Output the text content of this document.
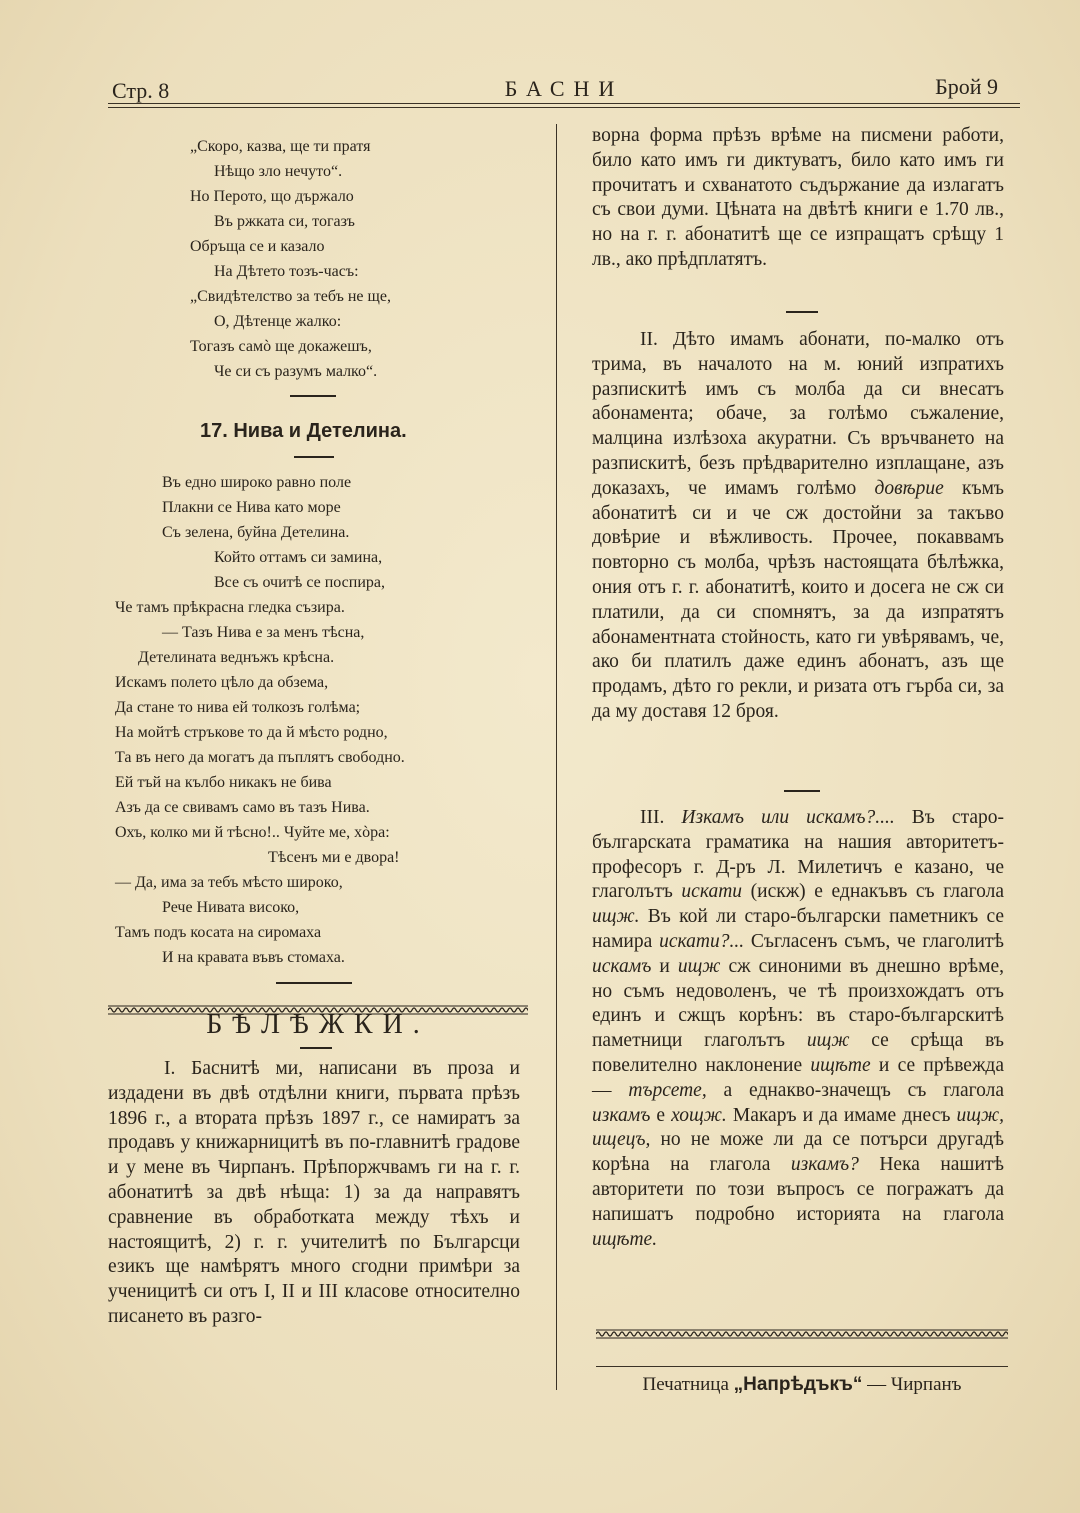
Стр. 8	БАСНИ	Брой 9
„Скоро, казва, ще ти пратя
Нѣщо зло нечуто“.
Но Перото, що държало
Въ ржката си, тогазъ
Обръща се и казало
На Дѣтето тозъ-часъ:
„Свидѣтелство за тебъ не ще,
О, Дѣтенце жалко:
Тогазъ самò ще докажешъ,
Че си съ разумъ малко“.
17. Нива и Детелина.
Въ едно широко равно поле
Плакни се Нива като море
Съ зелена, буйна Детелина.
Който оттамъ си замина,
Все съ очитѣ се поспира,
Че тамъ прѣкрасна гледка съзира.
— Тазъ Нива е за менъ тѣсна,
Детелината веднъжъ крѣсна.
Искамъ полето цѣло да обзема,
Да стане то нива ей толкозъ голѣма;
На мойтѣ стръкове то да й мѣсто родно,
Та въ него да могатъ да пъплятъ свободно.
Ей тъй на кълбо никакъ не бива
Азъ да се свивамъ само въ тазъ Нива.
Охъ, колко ми й тѣсно!.. Чуйте ме, хòра:
Тѣсенъ ми е двора!
— Да, има за тебъ мѣсто широко,
Рече Нивата високо,
Тамъ подъ косата на сиромаха
И на кравата въвъ стомаха.
БѢЛѢЖКИ.

I. Баснитѣ ми, написани въ проза и издадени въ двѣ отдѣлни книги, първата прѣзъ 1896 г., а втората прѣзъ 1897 г., се намиратъ за продавъ у книжарницитѣ въ по-главнитѣ градове и у мене въ Чирпанъ. Прѣпоржчвамъ ги на г. г. абонатитѣ за двѣ нѣща: 1) за да направятъ сравнение въ обработката между тѣхъ и настоящитѣ, 2) г. г. учителитѣ по Българсци езикъ ще намѣрятъ много сгодни примѣри за ученицитѣ си отъ I, II и III класове относително писането въ разго-

ворна форма прѣзъ врѣме на писмени работи, било като имъ ги диктуватъ, било като имъ ги прочитатъ и схванатото съдържание да излагатъ съ свои думи. Цѣната на двѣтѣ книги е 1.70 лв., но на г. г. абонатитѣ ще се изпращатъ срѣщу 1 лв., ако прѣдплатятъ.

II. Дѣто имамъ абонати, по-малко отъ трима, въ началото на м. юний изпратихъ разпискитѣ имъ съ молба да си внесатъ абонамента; обаче, за голѣмо съжаление, малцина излѣзоха акуратни. Съ връчването на разпискитѣ, безъ прѣдварително изплащане, азъ доказахъ, че имамъ голѣмо довѣрие къмъ абонатитѣ си и че сж достойни за такъво довѣрие и вѣжливость. Прочее, покаввамъ повторно съ молба, чрѣзъ настоящата бѣлѣжка, ония отъ г. г. абонатитѣ, които и досега не сж си платили, да си спомнятъ, за да изпратятъ абонаментната стойность, като ги увѣрявамъ, че, ако би платилъ даже единъ абонатъ, азъ ще продамъ, дѣто го рекли, и ризата отъ гърба си, за да му доставя 12 броя.

III. Изкамъ или искамъ?.... Въ старо-българската граматика на нашия авторитетъ-професоръ г. Д-ръ Л. Милетичъ е казано, че глаголътъ искати (искж) е еднакъвъ съ глагола ищж. Въ кой ли старо-български паметникъ се намира искати?... Съгласенъ съмъ, че глаголитѣ искамъ и ищж сж синоними въ днешно врѣме, но съмъ недоволенъ, че тѣ произхождатъ отъ единъ и сжщъ корѣнъ: въ старо-българскитѣ паметници глаголътъ ищж се срѣща въ повелително наклонение ищѣте и се прѣвежда — търсете, а еднакво-значещъ съ глагола изкамъ е хощж. Макаръ и да имаме днесъ ищж, ищецъ, но не може ли да се потърси другадѣ корѣна на глагола изкамъ? Нека нашитѣ авторитети по този въпросъ се погражатъ да напишатъ подробно историята на глагола ищѣте.

Печатница „Напрѣдъкъ“ — Чирпанъ
